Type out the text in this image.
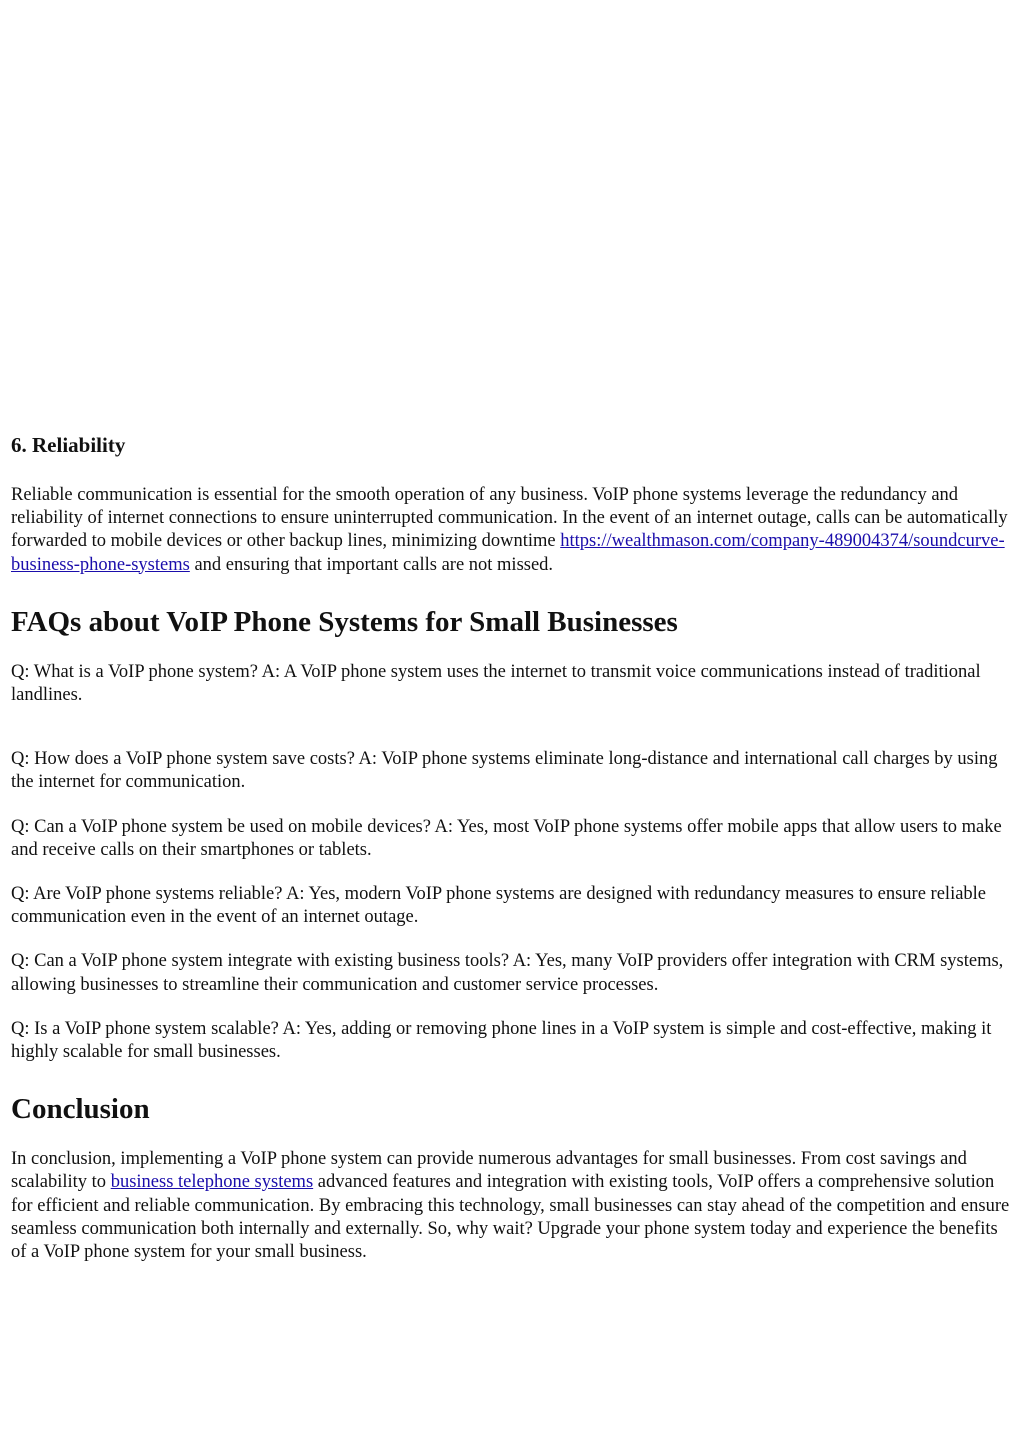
6. Reliability

Reliable communication is essential for the smooth operation of any business. VoIP phone systems leverage the redundancy and reliability of internet connections to ensure uninterrupted communication. In the event of an internet outage, calls can be automatically forwarded to mobile devices or other backup lines, minimizing downtime https://wealthmason.com/company-489004374/soundcurve-business-phone-systems and ensuring that important calls are not missed.

FAQs about VoIP Phone Systems for Small Businesses

Q: What is a VoIP phone system? A: A VoIP phone system uses the internet to transmit voice communications instead of traditional landlines.

Q: How does a VoIP phone system save costs? A: VoIP phone systems eliminate long-distance and international call charges by using the internet for communication.

Q: Can a VoIP phone system be used on mobile devices? A: Yes, most VoIP phone systems offer mobile apps that allow users to make and receive calls on their smartphones or tablets.

Q: Are VoIP phone systems reliable? A: Yes, modern VoIP phone systems are designed with redundancy measures to ensure reliable communication even in the event of an internet outage.

Q: Can a VoIP phone system integrate with existing business tools? A: Yes, many VoIP providers offer integration with CRM systems, allowing businesses to streamline their communication and customer service processes.

Q: Is a VoIP phone system scalable? A: Yes, adding or removing phone lines in a VoIP system is simple and cost-effective, making it highly scalable for small businesses.

Conclusion

In conclusion, implementing a VoIP phone system can provide numerous advantages for small businesses. From cost savings and scalability to business telephone systems advanced features and integration with existing tools, VoIP offers a comprehensive solution for efficient and reliable communication. By embracing this technology, small businesses can stay ahead of the competition and ensure seamless communication both internally and externally. So, why wait? Upgrade your phone system today and experience the benefits of a VoIP phone system for your small business.
